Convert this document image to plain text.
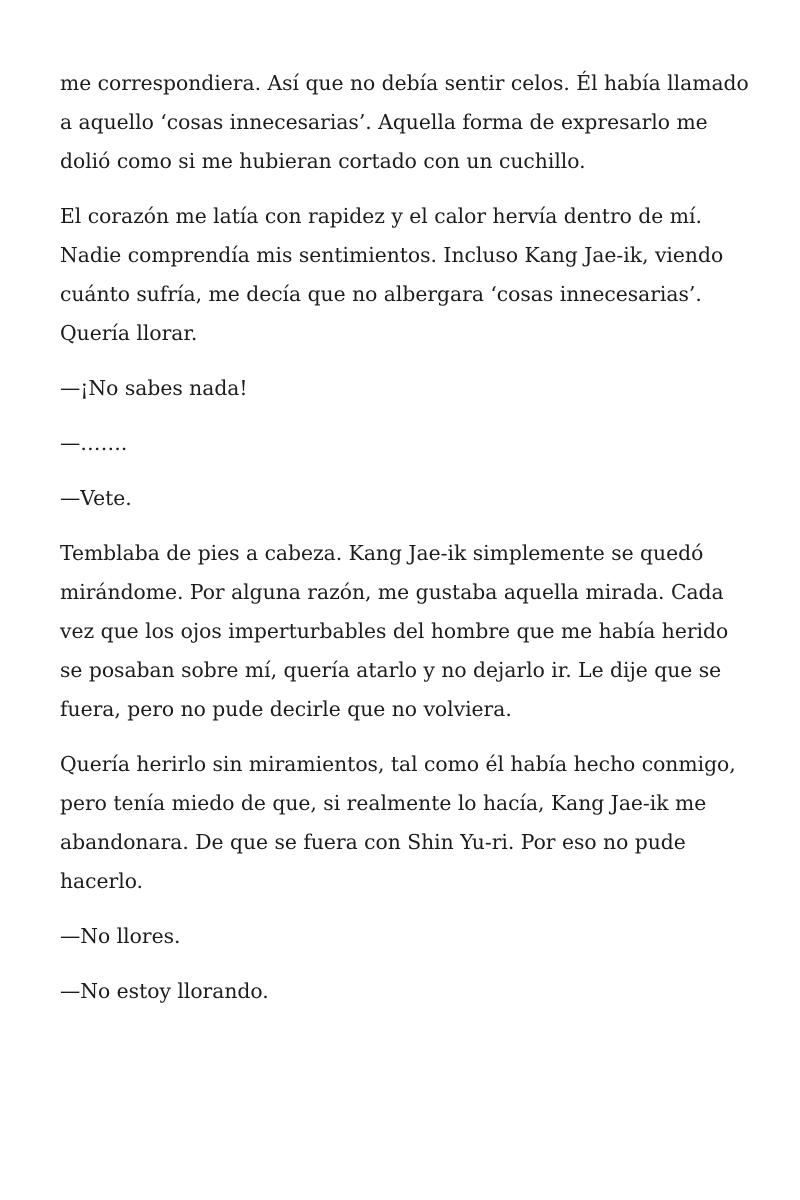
me correspondiera. Así que no debía sentir celos. Él había llamado a aquello ‘cosas innecesarias’. Aquella forma de expresarlo me dolió como si me hubieran cortado con un cuchillo.

El corazón me latía con rapidez y el calor hervía dentro de mí. Nadie comprendía mis sentimientos. Incluso Kang Jae-ik, viendo cuánto sufría, me decía que no albergara ‘cosas innecesarias’. Quería llorar.

—¡No sabes nada!

—…….

—Vete.

Temblaba de pies a cabeza. Kang Jae-ik simplemente se quedó mirándome. Por alguna razón, me gustaba aquella mirada. Cada vez que los ojos imperturbables del hombre que me había herido se posaban sobre mí, quería atarlo y no dejarlo ir. Le dije que se fuera, pero no pude decirle que no volviera.

Quería herirlo sin miramientos, tal como él había hecho conmigo, pero tenía miedo de que, si realmente lo hacía, Kang Jae-ik me abandonara. De que se fuera con Shin Yu-ri. Por eso no pude hacerlo.

—No llores.

—No estoy llorando.
